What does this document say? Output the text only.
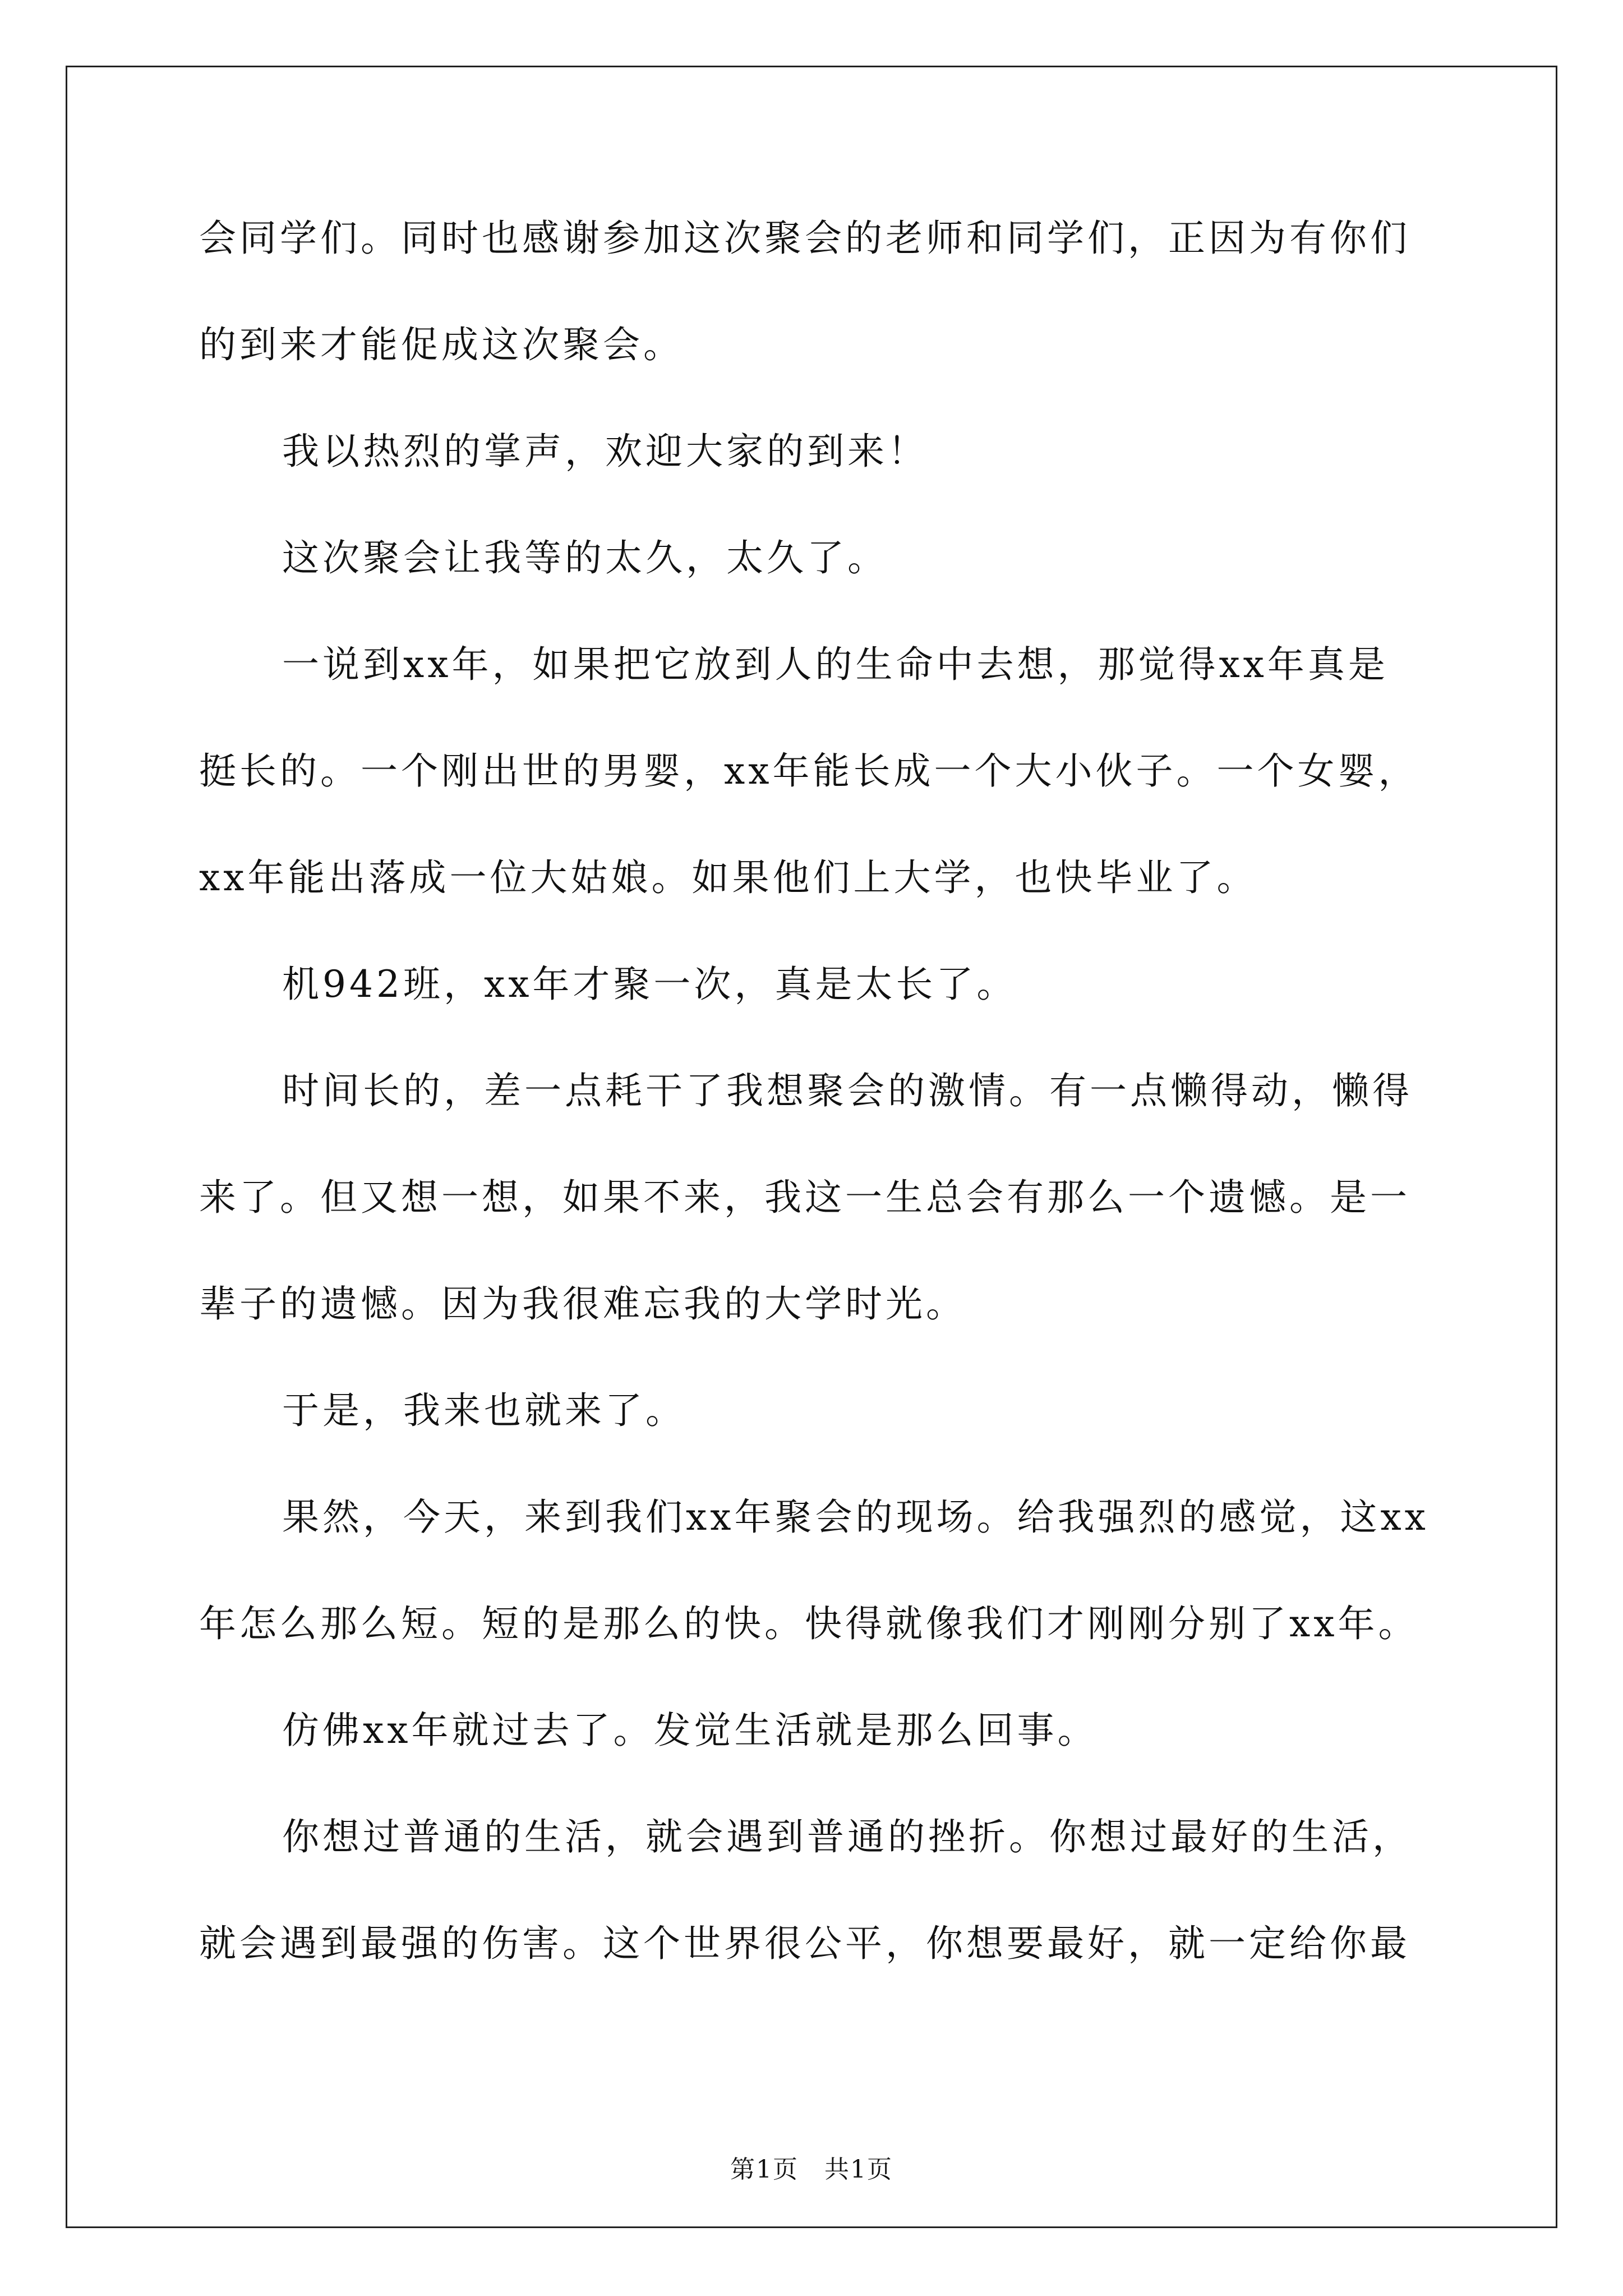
会同学们。同时也感谢参加这次聚会的老师和同学们，正因为有你们
的到来才能促成这次聚会。
我以热烈的掌声，欢迎大家的到来！
这次聚会让我等的太久，太久了。
一说到xx年，如果把它放到人的生命中去想，那觉得xx年真是
挺长的。一个刚出世的男婴，xx年能长成一个大小伙子。一个女婴，
xx年能出落成一位大姑娘。如果他们上大学，也快毕业了。
机942班，xx年才聚一次，真是太长了。
时间长的，差一点耗干了我想聚会的激情。有一点懒得动，懒得
来了。但又想一想，如果不来，我这一生总会有那么一个遗憾。是一
辈子的遗憾。因为我很难忘我的大学时光。
于是，我来也就来了。
果然，今天，来到我们xx年聚会的现场。给我强烈的感觉，这xx
年怎么那么短。短的是那么的快。快得就像我们才刚刚分别了xx年。
仿佛xx年就过去了。发觉生活就是那么回事。
你想过普通的生活，就会遇到普通的挫折。你想过最好的生活，
就会遇到最强的伤害。这个世界很公平，你想要最好，就一定给你最
第1页　共1页
